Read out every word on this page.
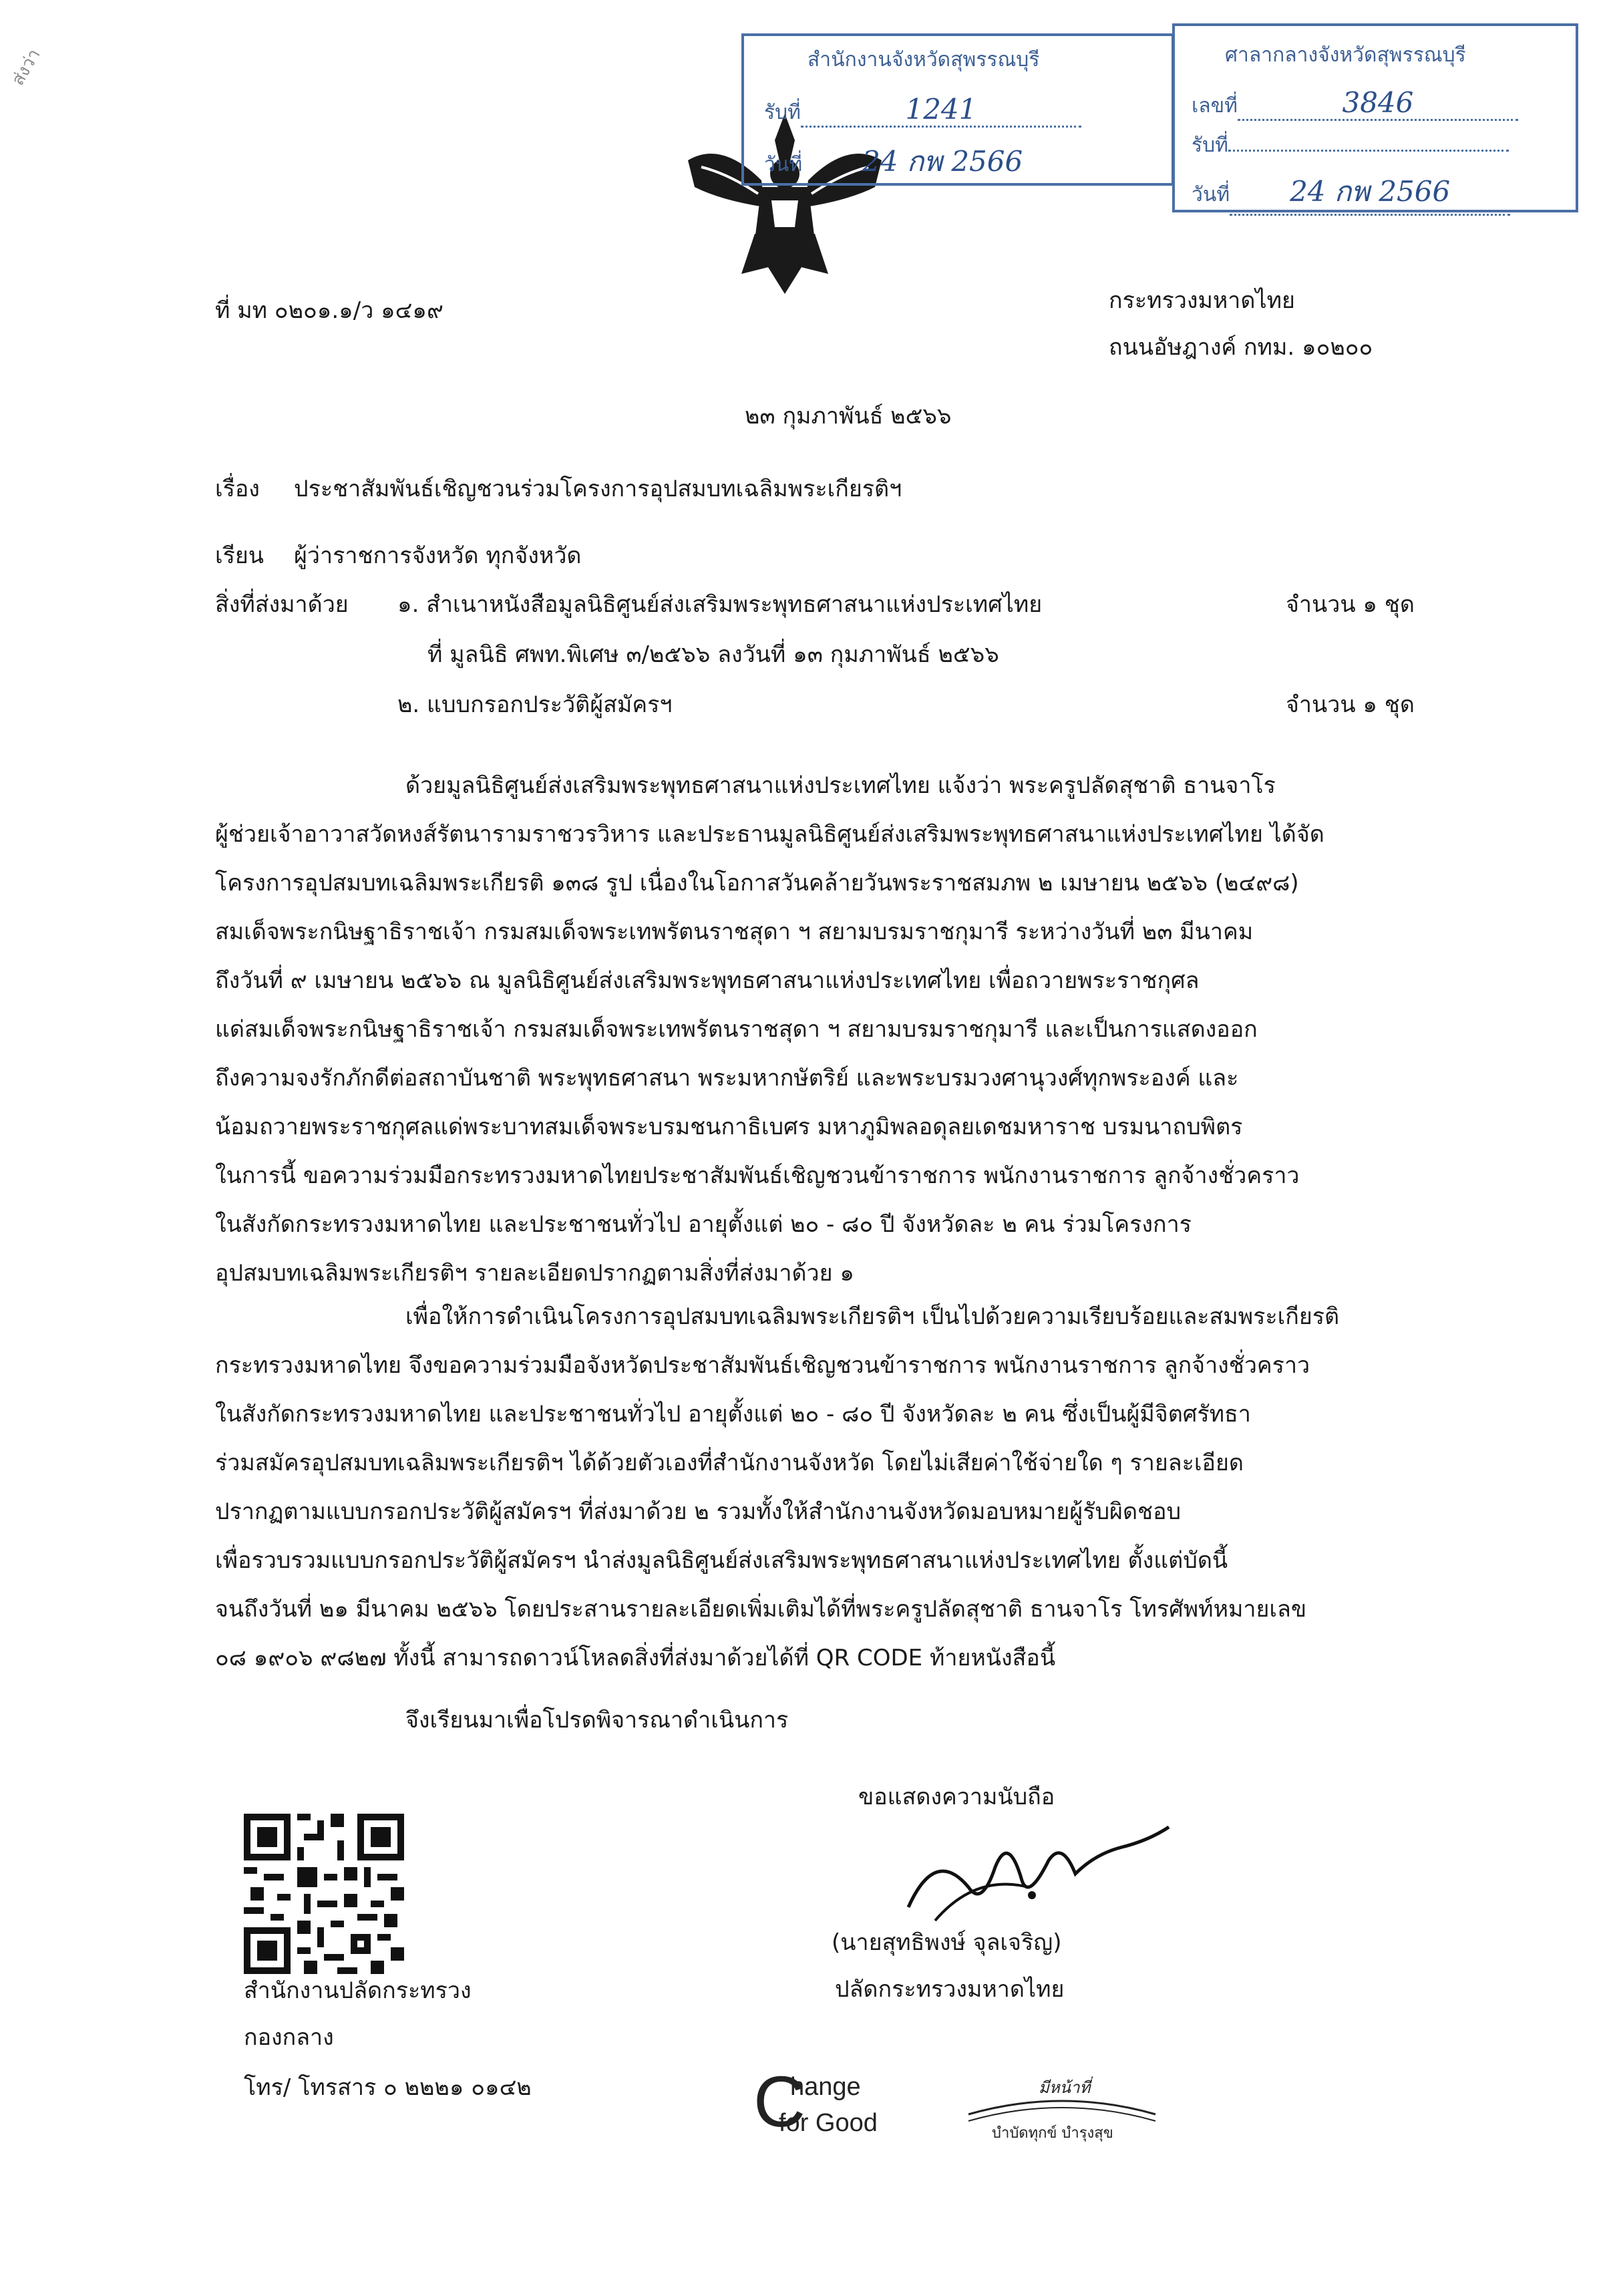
ส่งว่า	สำนักงานจังหวัดสุพรรณบุรี
รับที่	1241
วันที่ 24 กพ 2566
ศาลากลางจังหวัดสุพรรณบุรี
เลขที่	3846
รับที่
วันที่ 24 กพ 2566
ที่ มท ๐๒๐๑.๑/ว ๑๔๑๙	กระทรวงมหาดไทย
ถนนอัษฎางค์ กทม. ๑๐๒๐๐
๒๓ กุมภาพันธ์ ๒๕๖๖
เรื่อง ประชาสัมพันธ์เชิญชวนร่วมโครงการอุปสมบทเฉลิมพระเกียรติฯ
เรียน ผู้ว่าราชการจังหวัด ทุกจังหวัด
สิ่งที่ส่งมาด้วย ๑. สำเนาหนังสือมูลนิธิศูนย์ส่งเสริมพระพุทธศาสนาแห่งประเทศไทย	จำนวน ๑ ชุด
ที่ มูลนิธิ ศพท.พิเศษ ๓/๒๕๖๖ ลงวันที่ ๑๓ กุมภาพันธ์ ๒๕๖๖
๒. แบบกรอกประวัติผู้สมัครฯ	จำนวน ๑ ชุด
ด้วยมูลนิธิศูนย์ส่งเสริมพระพุทธศาสนาแห่งประเทศไทย แจ้งว่า พระครูปลัดสุชาติ ธานจาโร
ผู้ช่วยเจ้าอาวาสวัดหงส์รัตนารามราชวรวิหาร และประธานมูลนิธิศูนย์ส่งเสริมพระพุทธศาสนาแห่งประเทศไทย ได้จัด
โครงการอุปสมบทเฉลิมพระเกียรติ ๑๓๘ รูป เนื่องในโอกาสวันคล้ายวันพระราชสมภพ ๒ เมษายน ๒๕๖๖ (๒๔๙๘)
สมเด็จพระกนิษฐาธิราชเจ้า กรมสมเด็จพระเทพรัตนราชสุดา ฯ สยามบรมราชกุมารี ระหว่างวันที่ ๒๓ มีนาคม
ถึงวันที่ ๙ เมษายน ๒๕๖๖ ณ มูลนิธิศูนย์ส่งเสริมพระพุทธศาสนาแห่งประเทศไทย เพื่อถวายพระราชกุศล
แด่สมเด็จพระกนิษฐาธิราชเจ้า กรมสมเด็จพระเทพรัตนราชสุดา ฯ สยามบรมราชกุมารี และเป็นการแสดงออก
ถึงความจงรักภักดีต่อสถาบันชาติ พระพุทธศาสนา พระมหากษัตริย์ และพระบรมวงศานุวงศ์ทุกพระองค์ และ
น้อมถวายพระราชกุศลแด่พระบาทสมเด็จพระบรมชนกาธิเบศร มหาภูมิพลอดุลยเดชมหาราช บรมนาถบพิตร
ในการนี้ ขอความร่วมมือกระทรวงมหาดไทยประชาสัมพันธ์เชิญชวนข้าราชการ พนักงานราชการ ลูกจ้างชั่วคราว
ในสังกัดกระทรวงมหาดไทย และประชาชนทั่วไป อายุตั้งแต่ ๒๐ - ๘๐ ปี จังหวัดละ ๒ คน ร่วมโครงการ
อุปสมบทเฉลิมพระเกียรติฯ รายละเอียดปรากฏตามสิ่งที่ส่งมาด้วย ๑
เพื่อให้การดำเนินโครงการอุปสมบทเฉลิมพระเกียรติฯ เป็นไปด้วยความเรียบร้อยและสมพระเกียรติ
กระทรวงมหาดไทย จึงขอความร่วมมือจังหวัดประชาสัมพันธ์เชิญชวนข้าราชการ พนักงานราชการ ลูกจ้างชั่วคราว
ในสังกัดกระทรวงมหาดไทย และประชาชนทั่วไป อายุตั้งแต่ ๒๐ - ๘๐ ปี จังหวัดละ ๒ คน ซึ่งเป็นผู้มีจิตศรัทธา
ร่วมสมัครอุปสมบทเฉลิมพระเกียรติฯ ได้ด้วยตัวเองที่สำนักงานจังหวัด โดยไม่เสียค่าใช้จ่ายใด ๆ รายละเอียด
ปรากฏตามแบบกรอกประวัติผู้สมัครฯ ที่ส่งมาด้วย ๒ รวมทั้งให้สำนักงานจังหวัดมอบหมายผู้รับผิดชอบ
เพื่อรวบรวมแบบกรอกประวัติผู้สมัครฯ นำส่งมูลนิธิศูนย์ส่งเสริมพระพุทธศาสนาแห่งประเทศไทย ตั้งแต่บัดนี้
จนถึงวันที่ ๒๑ มีนาคม ๒๕๖๖ โดยประสานรายละเอียดเพิ่มเติมได้ที่พระครูปลัดสุชาติ ธานจาโร โทรศัพท์หมายเลข
๐๘ ๑๙๐๖ ๙๘๒๗ ทั้งนี้ สามารถดาวน์โหลดสิ่งที่ส่งมาด้วยได้ที่ QR CODE ท้ายหนังสือนี้
จึงเรียนมาเพื่อโปรดพิจารณาดำเนินการ
ขอแสดงความนับถือ
(นายสุทธิพงษ์ จุลเจริญ)
ปลัดกระทรวงมหาดไทย
สำนักงานปลัดกระทรวง
กองกลาง
โทร/ โทรสาร ๐ ๒๒๒๑ ๐๑๔๒	C
hange
for Good
มีหน้าที่
บำบัดทุกข์ บำรุงสุข
